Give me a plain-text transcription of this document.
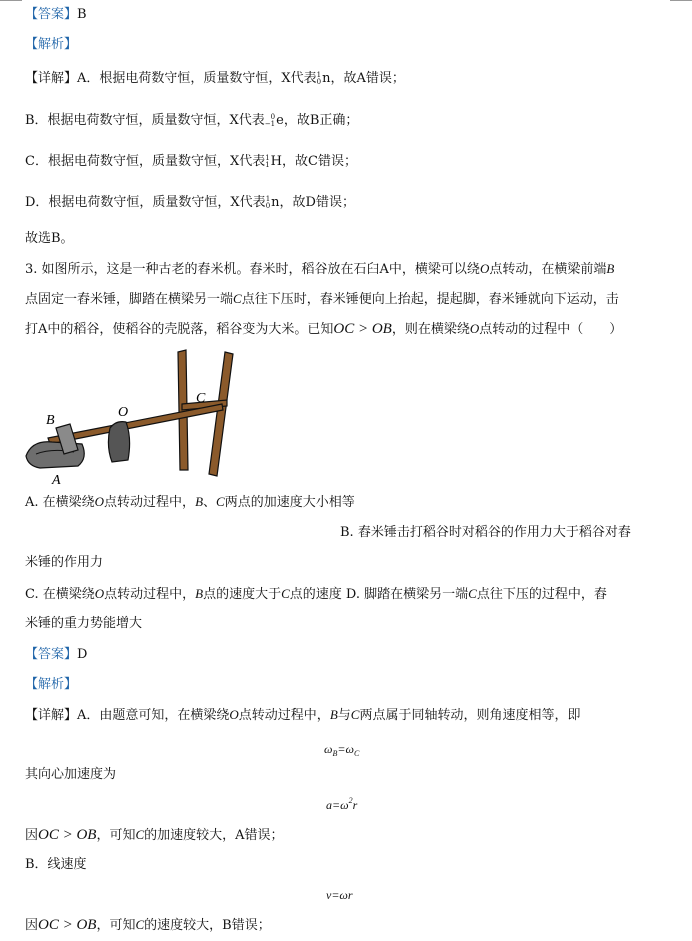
【答案】B
【解析】
【详解】A．根据电荷数守恒，质量数守恒，X代表 1
0 n，故A错误；
B．根据电荷数守恒，质量数守恒，X代表 0
−1 e，故B正确；
C．根据电荷数守恒，质量数守恒，X代表 1
1 H，故C错误；
D．根据电荷数守恒，质量数守恒，X代表 1
0 n，故D错误；
故选B。
3. 如图所示，这是一种古老的舂米机。舂米时，稻谷放在石臼A中，横梁可以绕O点转动，在横梁前端B
点固定一舂米锤，脚踏在横梁另一端C点往下压时，舂米锤便向上抬起，提起脚，舂米锤就向下运动，击
打A中的稻谷，使稻谷的壳脱落，稻谷变为大米。已知OC > OB，则在横梁绕O点转动的过程中（　　）
B
O
C
A
A. 在横梁绕O点转动过程中，B、C两点的加速度大小相等
B. 舂米锤击打稻谷时对稻谷的作用力大于稻谷对舂
米锤的作用力
C. 在横梁绕O点转动过程中，B点的速度大于C点的速度 D. 脚踏在横梁另一端C点往下压的过程中，舂
米锤的重力势能增大
【答案】D
【解析】
【详解】A．由题意可知，在横梁绕O点转动过程中，B与C两点属于同轴转动，则角速度相等，即
$\omega_B=\omega_C$
其向心加速度为
$a=\omega^2r$
因OC > OB，可知C的加速度较大，A错误；
B．线速度
v=ωr
因OC > OB，可知C的速度较大，B错误；
